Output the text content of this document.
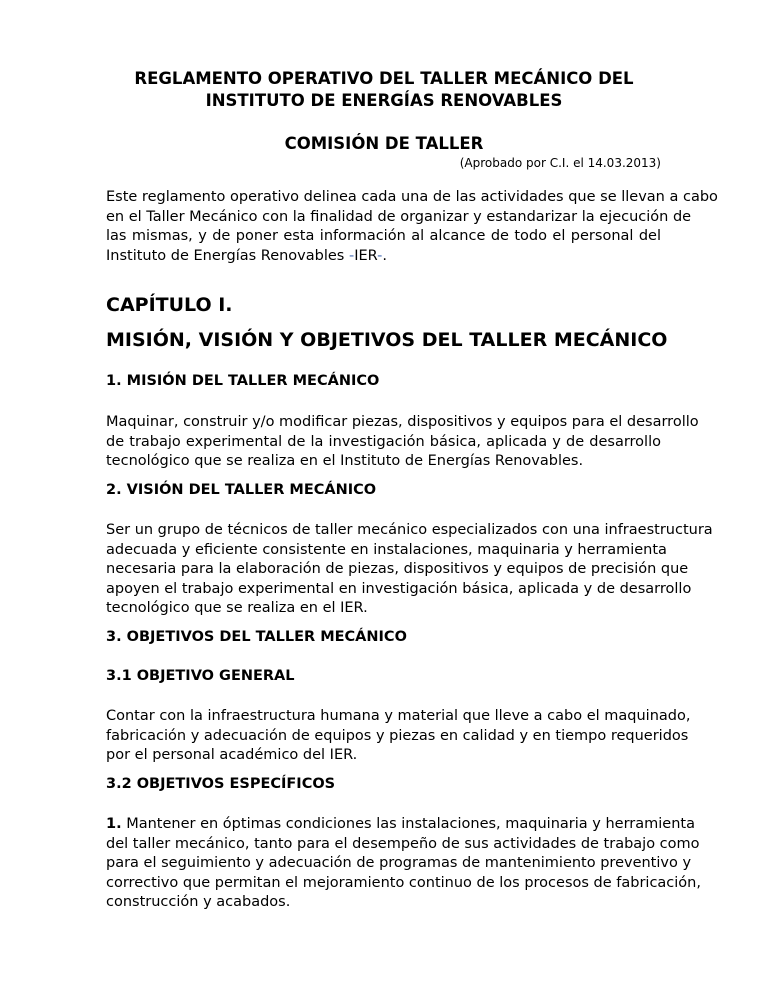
REGLAMENTO OPERATIVO DEL TALLER MECÁNICO DEL
INSTITUTO DE ENERGÍAS RENOVABLES
COMISIÓN DE TALLER
(Aprobado por C.I. el 14.03.2013)
Este reglamento operativo delinea cada una de las actividades que se llevan a cabo
en el Taller Mecánico con la finalidad de organizar y estandarizar la ejecución de
las mismas, y de poner esta información al alcance de todo el personal del
Instituto de Energías Renovables -IER-.
CAPÍTULO I.
MISIÓN, VISIÓN Y OBJETIVOS DEL TALLER MECÁNICO
1. MISIÓN DEL TALLER MECÁNICO
Maquinar, construir y/o modificar piezas, dispositivos y equipos para el desarrollo
de trabajo experimental de la investigación básica, aplicada y de desarrollo
tecnológico que se realiza en el Instituto de Energías Renovables.
2. VISIÓN DEL TALLER MECÁNICO
Ser un grupo de técnicos de taller mecánico especializados con una infraestructura
adecuada y eficiente consistente en instalaciones, maquinaria y herramienta
necesaria para la elaboración de piezas, dispositivos y equipos de precisión que
apoyen el trabajo experimental en investigación básica, aplicada y de desarrollo
tecnológico que se realiza en el IER.
3. OBJETIVOS DEL TALLER MECÁNICO
3.1 OBJETIVO GENERAL
Contar con la infraestructura humana y material que lleve a cabo el maquinado,
fabricación y adecuación de equipos y piezas en calidad y en tiempo requeridos
por el personal académico del IER.
3.2 OBJETIVOS ESPECÍFICOS
1. Mantener en óptimas condiciones las instalaciones, maquinaria y herramienta
del taller mecánico, tanto para el desempeño de sus actividades de trabajo como
para el seguimiento y adecuación de programas de mantenimiento preventivo y
correctivo que permitan el mejoramiento continuo de los procesos de fabricación,
construcción y acabados.
